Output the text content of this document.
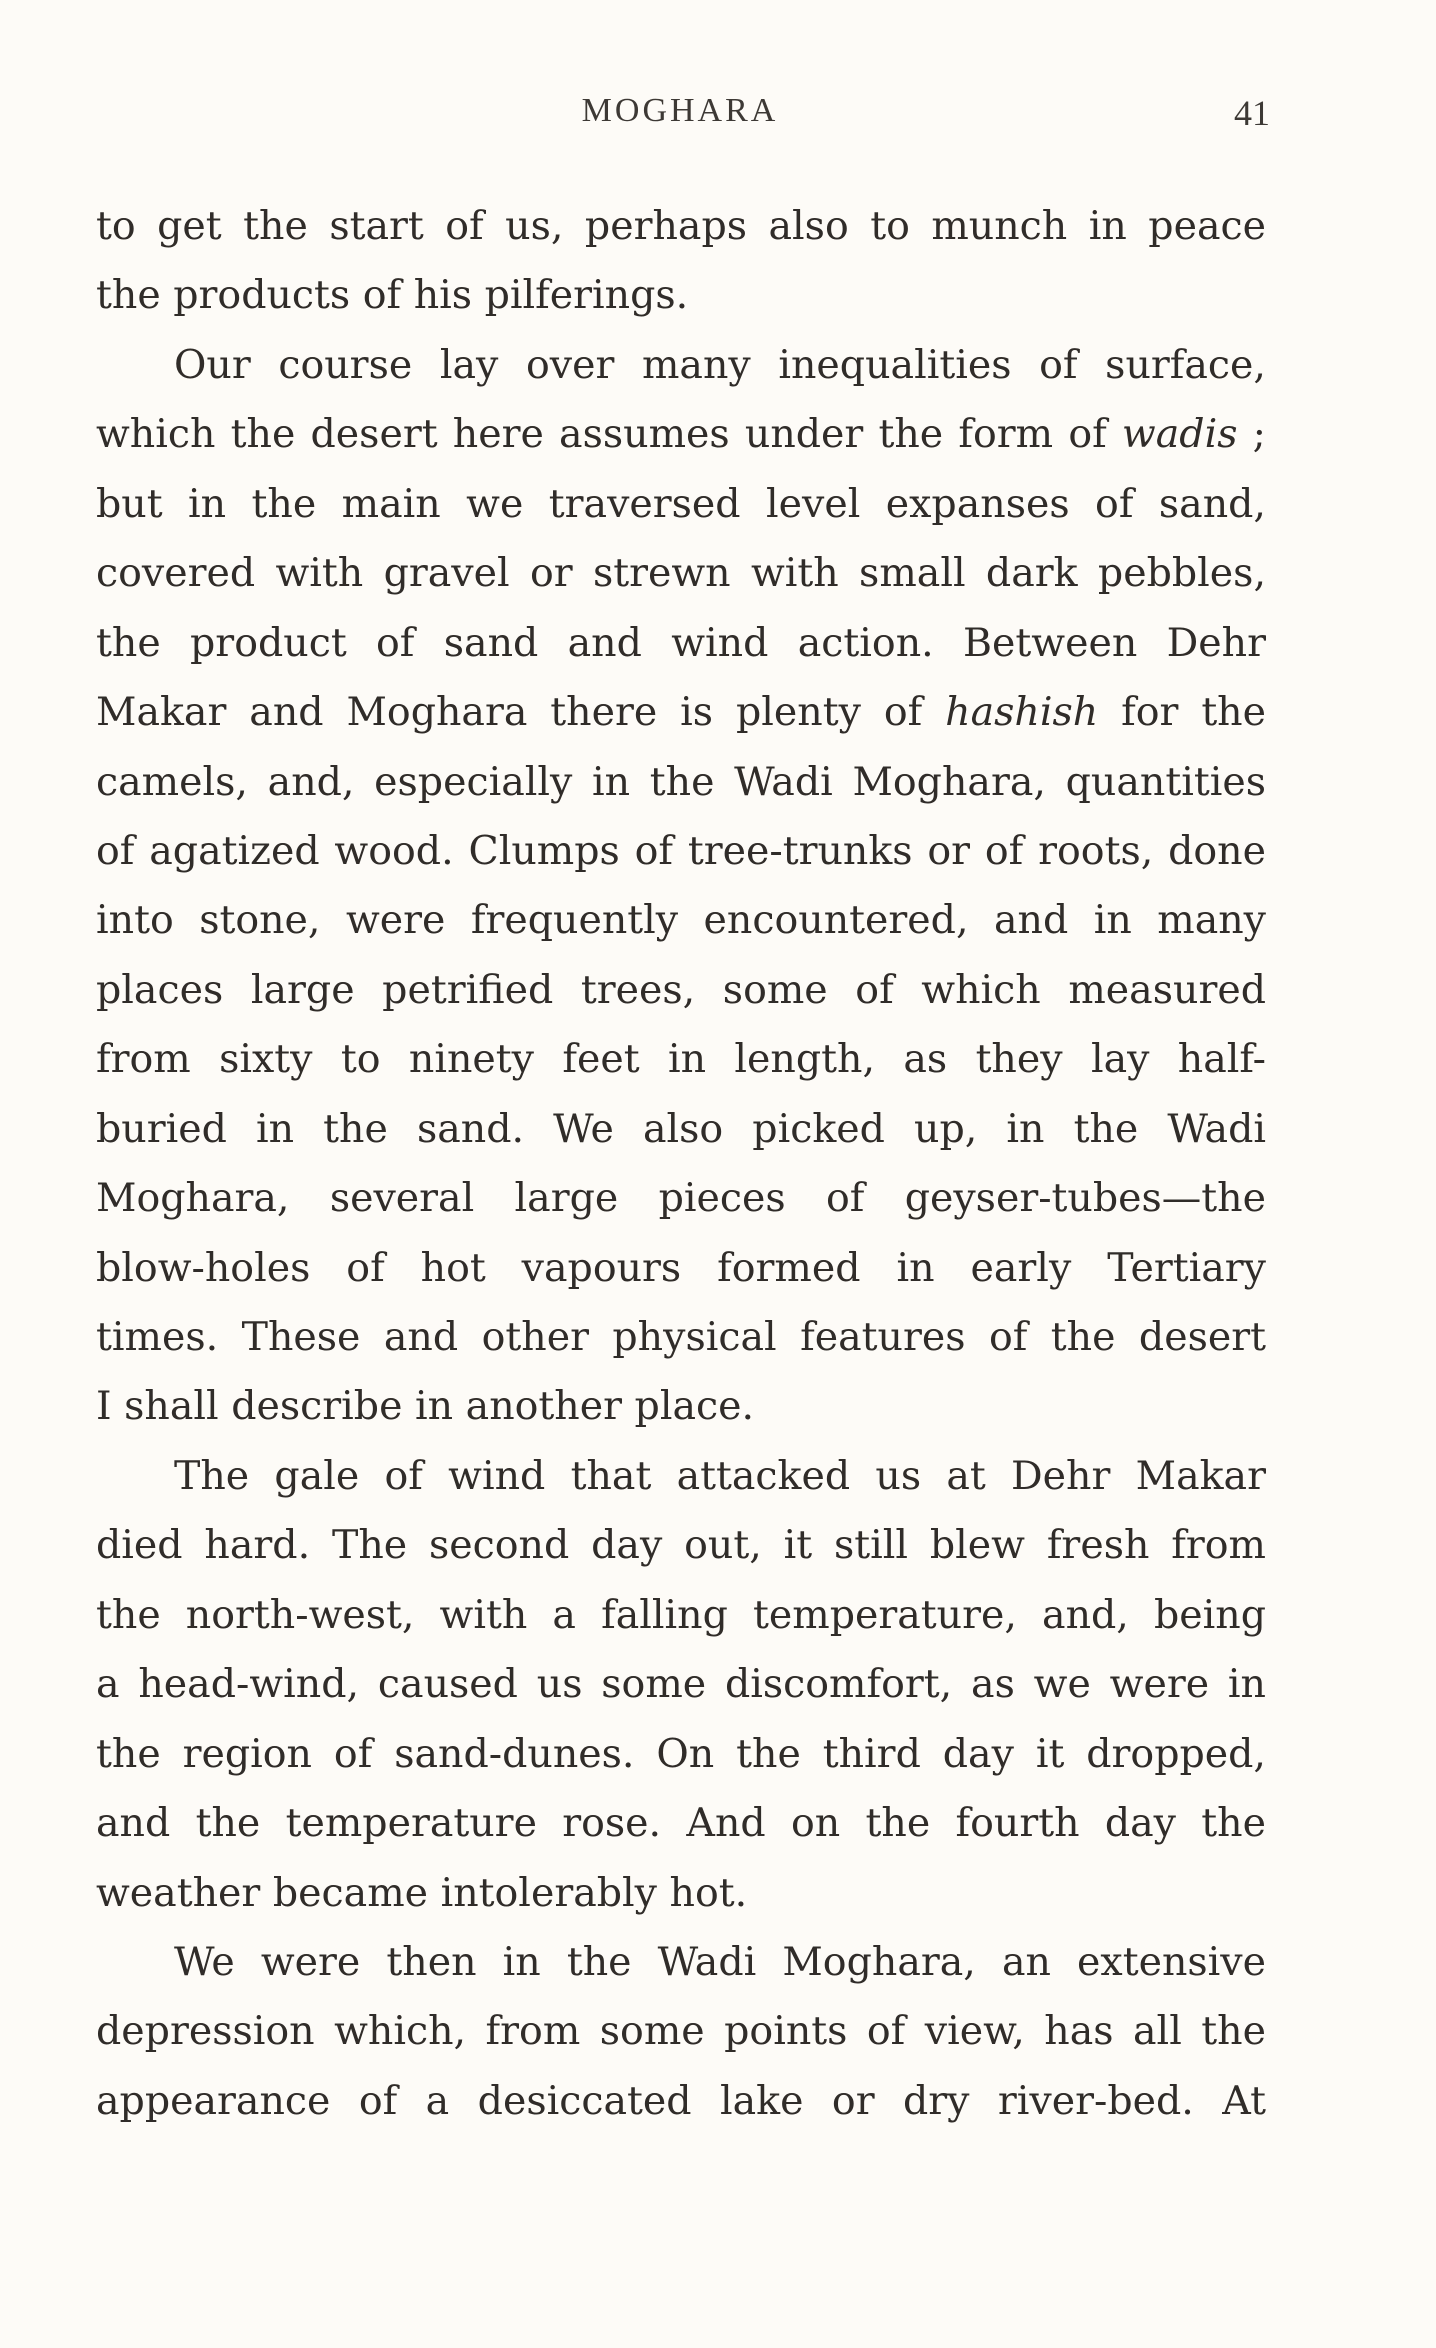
MOGHARA	41
to get the start of us, perhaps also to munch in peace
the products of his pilferings.
Our course lay over many inequalities of surface,
which the desert here assumes under the form of wadis ;
but in the main we traversed level expanses of sand,
covered with gravel or strewn with small dark pebbles,
the product of sand and wind action. Between Dehr
Makar and Moghara there is plenty of hashish for the
camels, and, especially in the Wadi Moghara, quantities
of agatized wood. Clumps of tree-trunks or of roots, done
into stone, were frequently encountered, and in many
places large petrified trees, some of which measured
from sixty to ninety feet in length, as they lay half-
buried in the sand. We also picked up, in the Wadi
Moghara, several large pieces of geyser-tubes—the
blow-holes of hot vapours formed in early Tertiary
times. These and other physical features of the desert
I shall describe in another place.
The gale of wind that attacked us at Dehr Makar
died hard. The second day out, it still blew fresh from
the north-west, with a falling temperature, and, being
a head-wind, caused us some discomfort, as we were in
the region of sand-dunes. On the third day it dropped,
and the temperature rose. And on the fourth day the
weather became intolerably hot.
We were then in the Wadi Moghara, an extensive
depression which, from some points of view, has all the
appearance of a desiccated lake or dry river-bed. At
